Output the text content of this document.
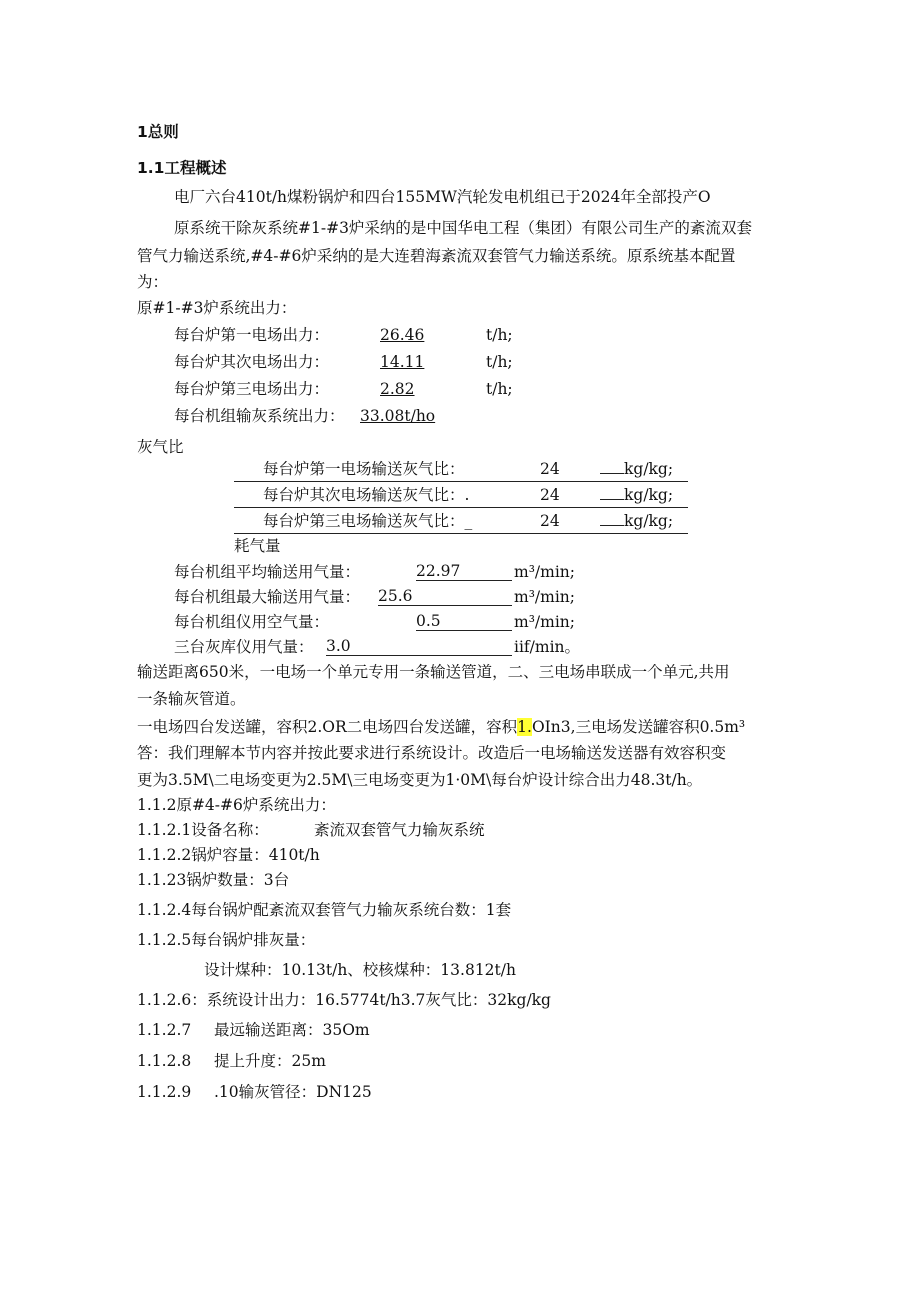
1总则
1.1工程概述
电厂六台410t/h煤粉锅炉和四台155MW汽轮发电机组已于2024年全部投产O
原系统干除灰系统#1-#3炉采纳的是中国华电工程（集团）有限公司生产的紊流双套
管气力输送系统,#4-#6炉采纳的是大连碧海紊流双套管气力输送系统。原系统基本配置
为：
原#1-#3炉系统出力：
每台炉第一电场出力：	26.46	t/h;
每台炉其次电场出力：	14.11	t/h;
每台炉第三电场出力：	2.82	t/h;
每台机组输灰系统出力： 33.08t/ho
灰气比
每台炉第一电场输送灰气比：	24	kg/kg;
每台炉其次电场输送灰气比：.	24	kg/kg;
每台炉第三电场输送灰气比：_	24	kg/kg;
耗气量
每台机组平均输送用气量：	22.97	m³/min;
每台机组最大输送用气量： 25.6	m³/min;
每台机组仪用空气量：	0.5	m³/min;
三台灰库仪用气量： 3.0	iif/min。
输送距离650米，一电场一个单元专用一条输送管道，二、三电场串联成一个单元,共用
一条输灰管道。
一电场四台发送罐，容积2.OR二电场四台发送罐，容积1.OIn3,三电场发送罐容积0.5m³
答：我们理解本节内容并按此要求进行系统设计。改造后一电场输送发送器有效容积变
更为3.5M\二电场变更为2.5M\三电场变更为1·0M\每台炉设计综合出力48.3t/h。
1.1.2原#4-#6炉系统出力：
1.1.2.1设备名称：	紊流双套管气力输灰系统
1.1.2.2锅炉容量：410t/h
1.1.23锅炉数量：3台
1.1.2.4每台锅炉配紊流双套管气力输灰系统台数：1套
1.1.2.5每台锅炉排灰量：
设计煤种：10.13t/h、校核煤种：13.812t/h
1.1.2.6：系统设计出力：16.5774t/h3.7灰气比：32kg/kg
1.1.2.7 最远输送距离：35Om
1.1.2.8 提上升度：25m
1.1.2.9 .10输灰管径：DN125
